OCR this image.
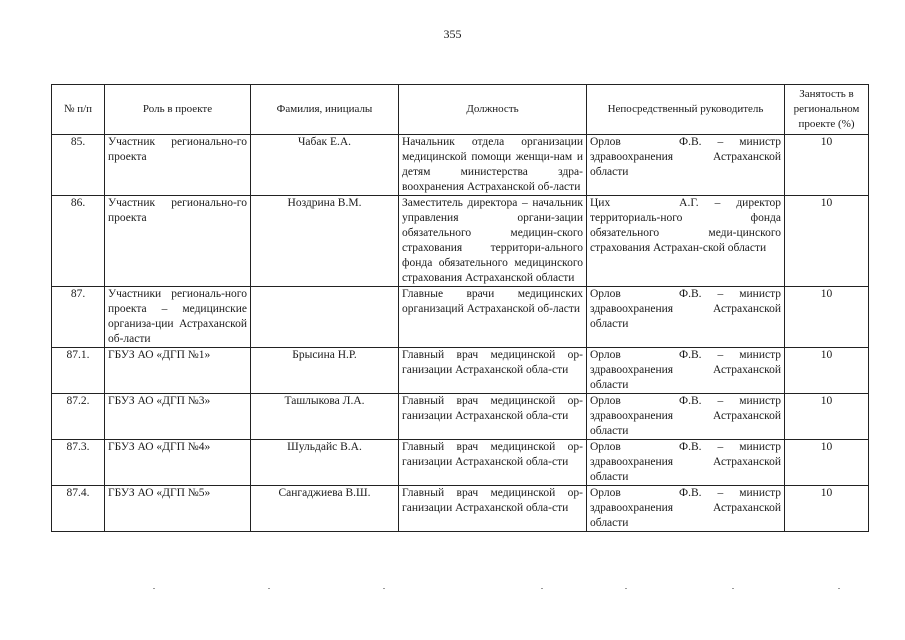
355
№ п/п	Роль в проекте	Фамилия, инициалы	Должность	Непосредственный руководитель	Занятость в региональном проекте (%)
85.	Участник регионально-го проекта	Чабак Е.А.	Начальник отдела организации медицинской помощи женщи-нам и детям министерства здра-воохранения Астраханской об-ласти	Орлов Ф.В. – министр здравоохранения Астраханской области	10
86.	Участник регионально-го проекта	Ноздрина В.М.	Заместитель директора – начальник управления органи-зации обязательного медицин-ского страхования территори-ального фонда обязательного медицинского страхования Астраханской области	Цих А.Г. – директор территориаль-ного фонда обязательного меди-цинского страхования Астрахан-ской области	10
87.	Участники региональ-ного проекта – медицинские организа-ции Астраханской об-ласти		Главные врачи медицинских организаций Астраханской об-ласти	Орлов Ф.В. – министр здравоохранения Астраханской области	10
87.1.	ГБУЗ АО «ДГП №1»	Брысина Н.Р.	Главный врач медицинской ор-ганизации Астраханской обла-сти	Орлов Ф.В. – министр здравоохранения Астраханской области	10
87.2.	ГБУЗ АО «ДГП №3»	Ташлыкова Л.А.	Главный врач медицинской ор-ганизации Астраханской обла-сти	Орлов Ф.В. – министр здравоохранения Астраханской области	10
87.3.	ГБУЗ АО «ДГП №4»	Шульдайс В.А.	Главный врач медицинской ор-ганизации Астраханской обла-сти	Орлов Ф.В. – министр здравоохранения Астраханской области	10
87.4.	ГБУЗ АО «ДГП №5»	Сангаджиева В.Ш.	Главный врач медицинской ор-ганизации Астраханской обла-сти	Орлов Ф.В. – министр здравоохранения Астраханской области	10
